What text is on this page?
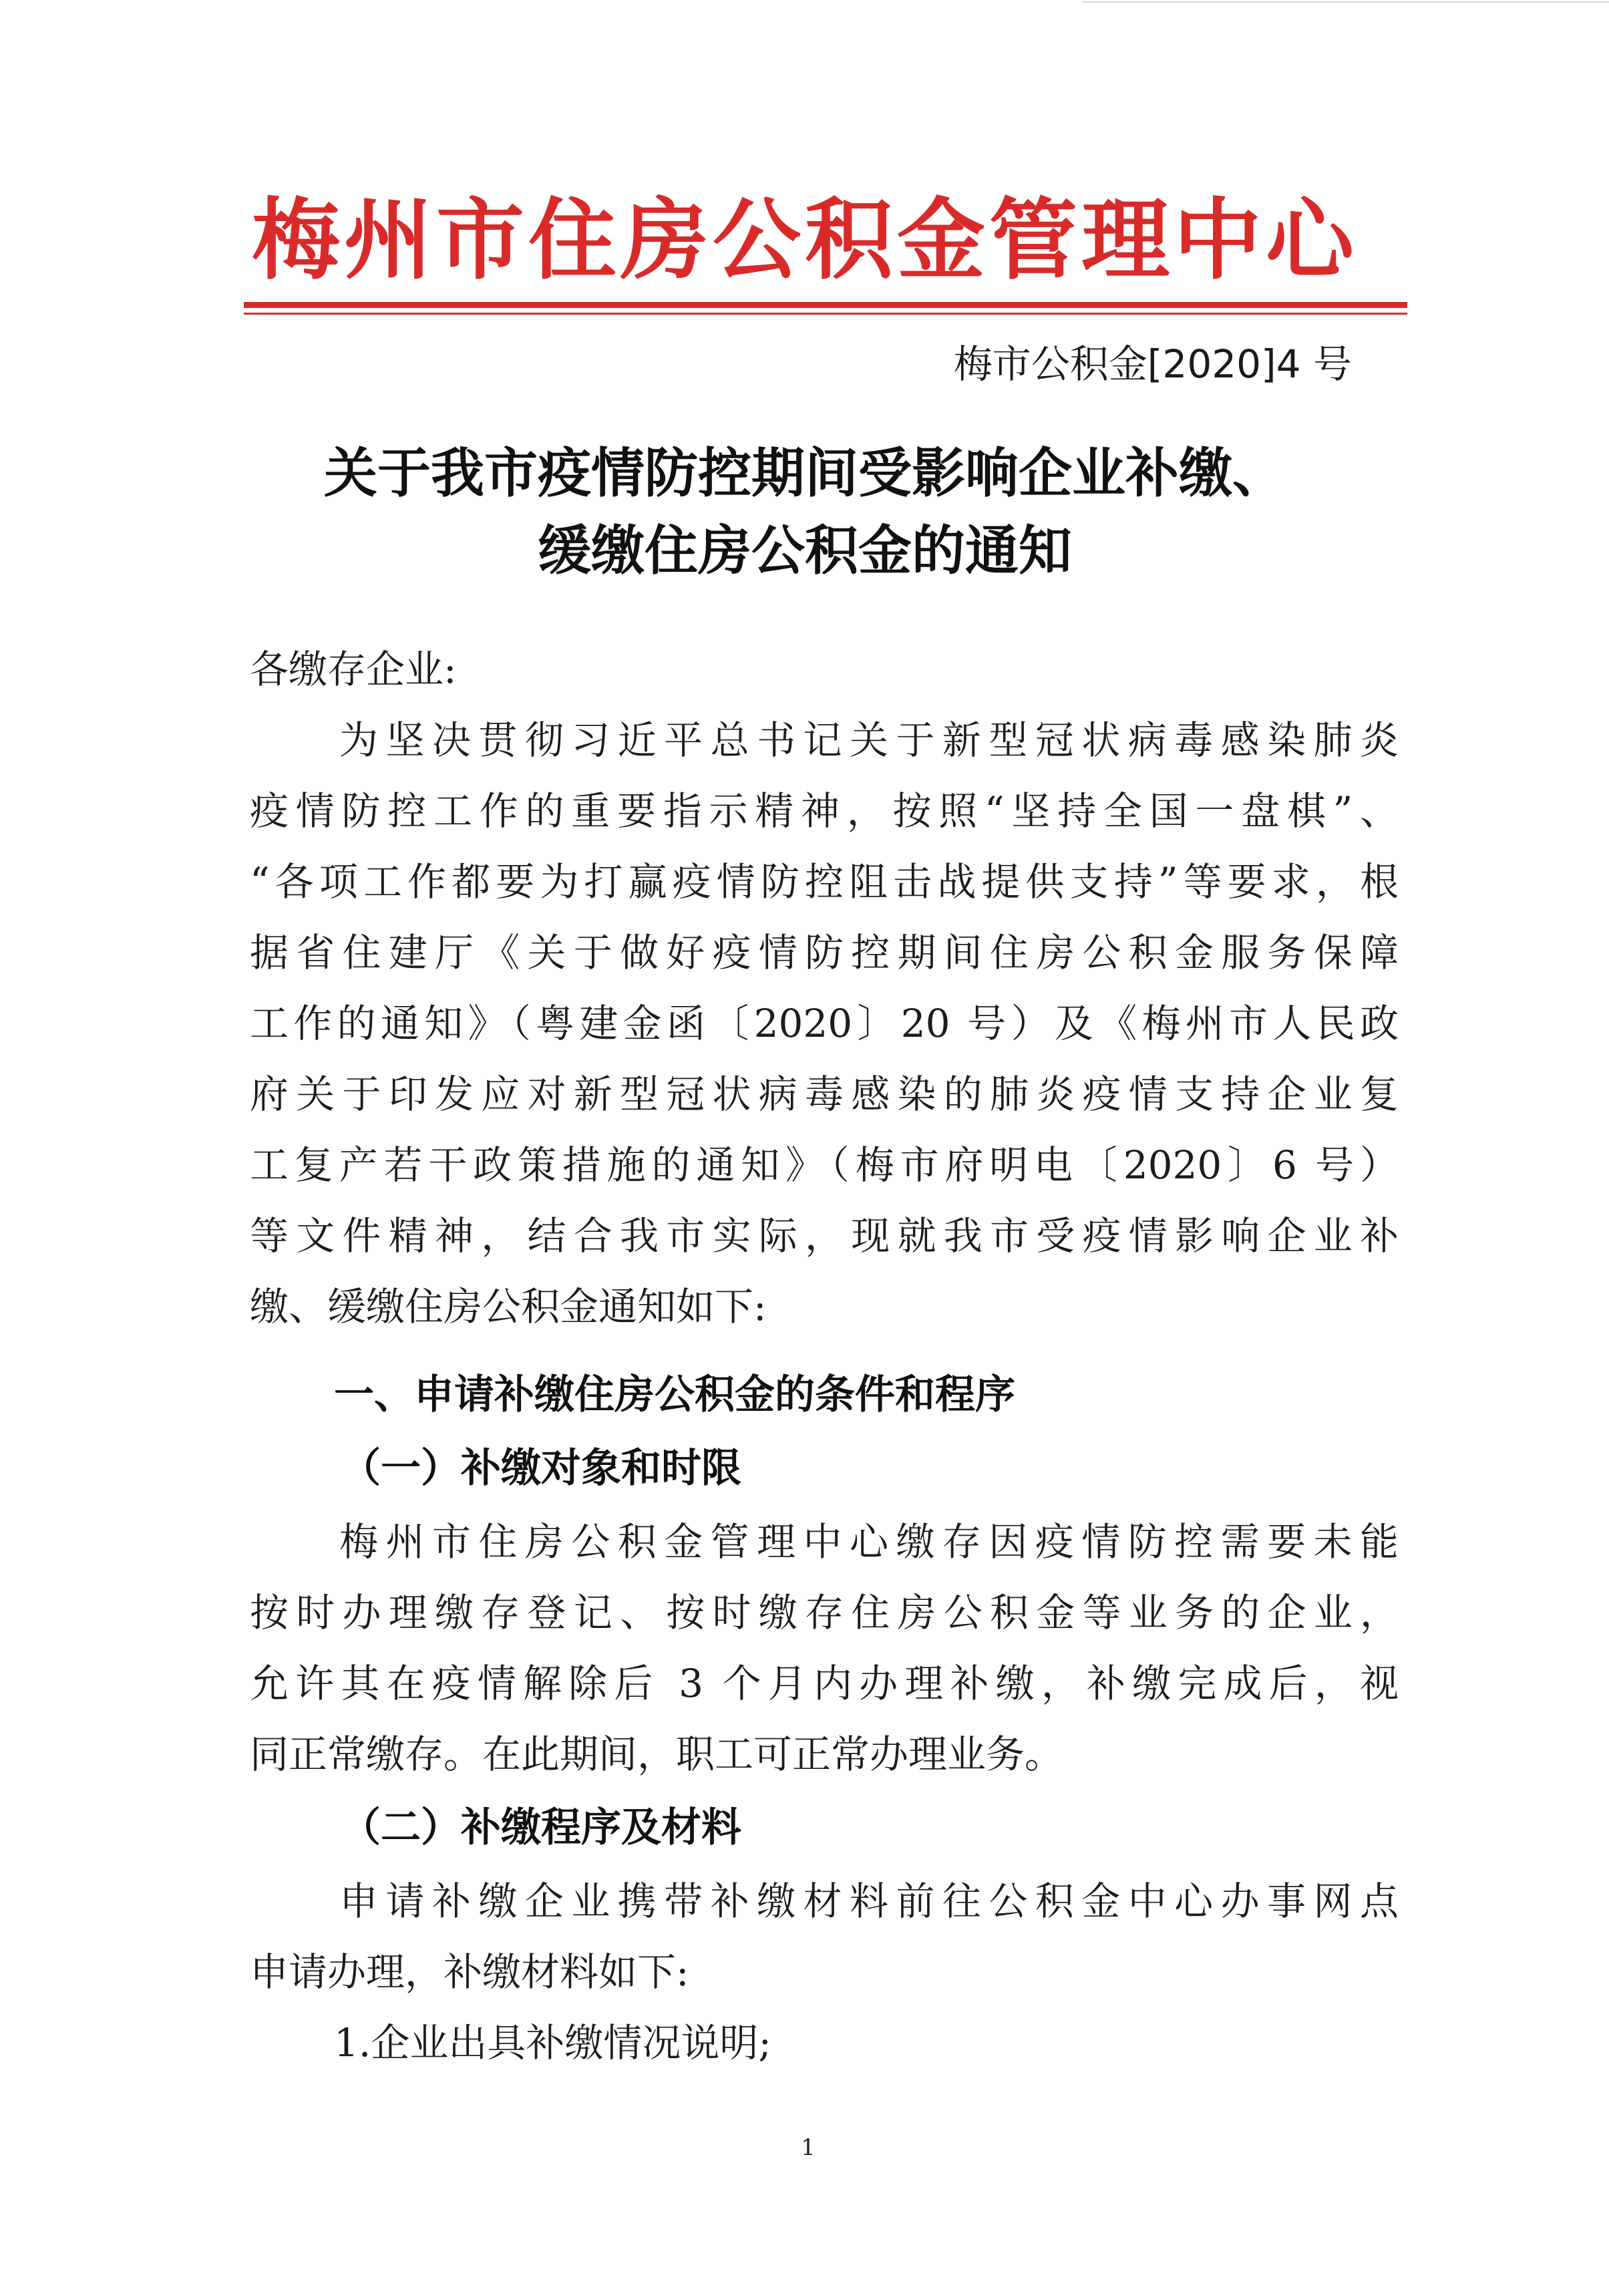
梅州市住房公积金管理中心
梅市公积金[2020]4 号
关于我市疫情防控期间受影响企业补缴、
缓缴住房公积金的通知
各缴存企业:
为坚决贯彻习近平总书记关于新型冠状病毒感染肺炎
疫情防控工作的重要指示精神，按照“坚持全国一盘棋”、
“各项工作都要为打赢疫情防控阻击战提供支持”等要求，根
据省住建厅《关于做好疫情防控期间住房公积金服务保障
工作的通知》（粤建金函〔2020〕20 号）及《梅州市人民政
府关于印发应对新型冠状病毒感染的肺炎疫情支持企业复
工复产若干政策措施的通知》（梅市府明电〔2020〕6 号）
等文件精神，结合我市实际，现就我市受疫情影响企业补
缴、缓缴住房公积金通知如下:
一、申请补缴住房公积金的条件和程序
（一）补缴对象和时限
梅州市住房公积金管理中心缴存因疫情防控需要未能
按时办理缴存登记、按时缴存住房公积金等业务的企业，
允许其在疫情解除后 3 个月内办理补缴，补缴完成后，视
同正常缴存。在此期间，职工可正常办理业务。
（二）补缴程序及材料
申请补缴企业携带补缴材料前往公积金中心办事网点
申请办理，补缴材料如下:
1.企业出具补缴情况说明;
1
